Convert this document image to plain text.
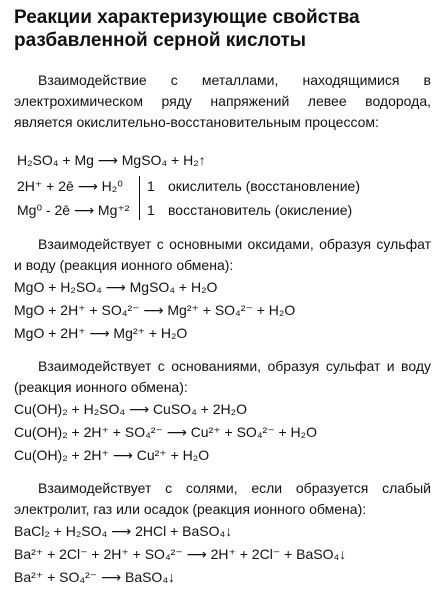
Реакции характеризующие свойства разбавленной серной кислоты

Взаимодействие с металлами, находящимися в электрохимическом ряду напряжений левее водорода, является окислительно-восстановительным процессом:

H₂SO₄ + Mg ⟶ MgSO₄ + H₂↑
2H⁺ + 2ē ⟶ H₂⁰
Mg⁰ - 2ē ⟶ Mg⁺²
1
1
окислитель (восстановление)
восстановитель (окисление)

Взаимодействует с основными оксидами, образуя сульфат и воду (реакция ионного обмена):

MgO + H₂SO₄ ⟶ MgSO₄ + H₂O
MgO + 2H⁺ + SO₄²⁻ ⟶ Mg²⁺ + SO₄²⁻ + H₂O
MgO + 2H⁺ ⟶ Mg²⁺ + H₂O

Взаимодействует с основаниями, образуя сульфат и воду (реакция ионного обмена):

Cu(OH)₂ + H₂SO₄ ⟶ CuSO₄ + 2H₂O
Cu(OH)₂ + 2H⁺ + SO₄²⁻ ⟶ Cu²⁺ + SO₄²⁻ + H₂O
Cu(OH)₂ + 2H⁺ ⟶ Cu²⁺ + H₂O

Взаимодействует с солями, если образуется слабый электролит, газ или осадок (реакция ионного обмена):

BaCl₂ + H₂SO₄ ⟶ 2HCl + BaSO₄↓
Ba²⁺ + 2Cl⁻ + 2H⁺ + SO₄²⁻ ⟶ 2H⁺ + 2Cl⁻ + BaSO₄↓
Ba²⁺ + SO₄²⁻ ⟶ BaSO₄↓
